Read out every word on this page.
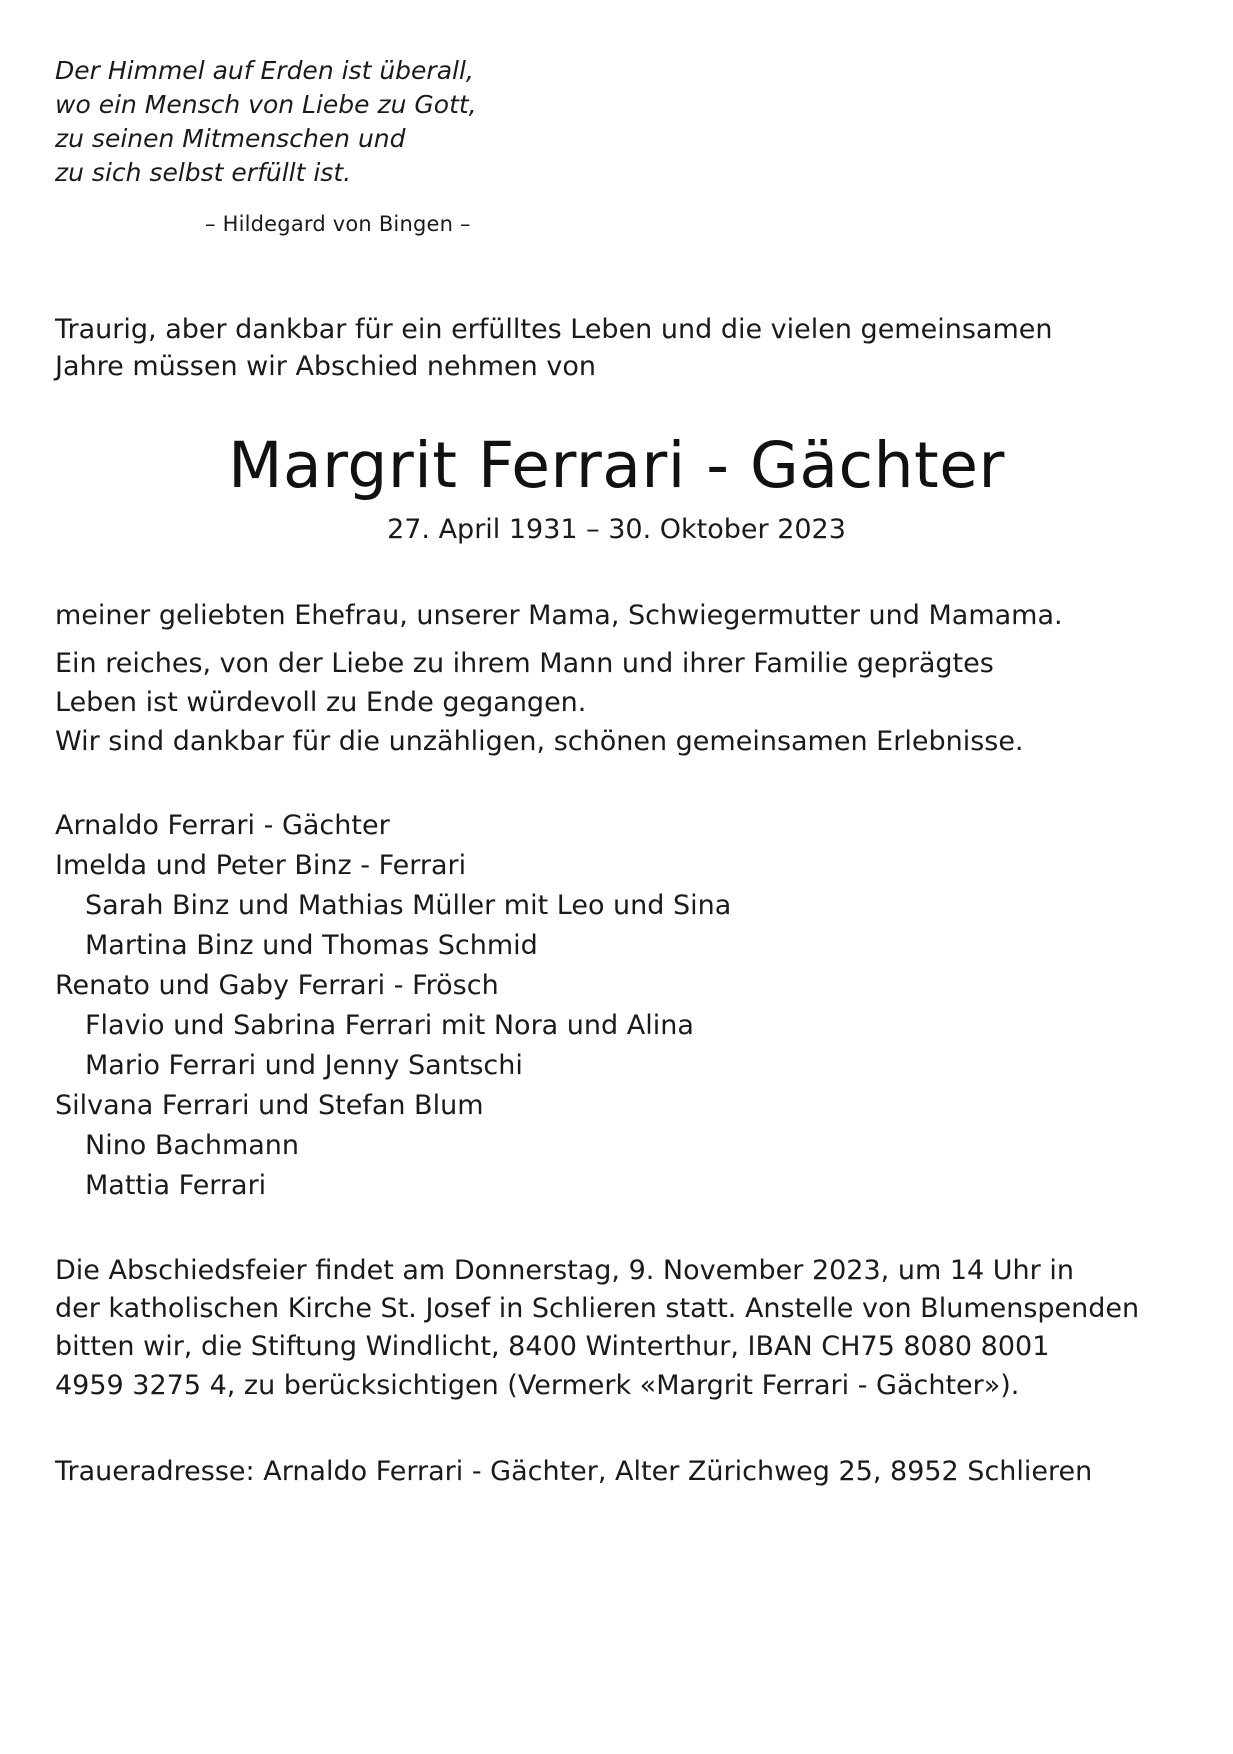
Der Himmel auf Erden ist überall,
wo ein Mensch von Liebe zu Gott,
zu seinen Mitmenschen und
zu sich selbst erfüllt ist.
– Hildegard von Bingen –
Traurig, aber dankbar für ein erfülltes Leben und die vielen gemeinsamen
Jahre müssen wir Abschied nehmen von
Margrit Ferrari - Gächter
27. April 1931 – 30. Oktober 2023
meiner geliebten Ehefrau, unserer Mama, Schwiegermutter und Mamama.
Ein reiches, von der Liebe zu ihrem Mann und ihrer Familie geprägtes
Leben ist würdevoll zu Ende gegangen.
Wir sind dankbar für die unzähligen, schönen gemeinsamen Erlebnisse.
Arnaldo Ferrari - Gächter
Imelda und Peter Binz - Ferrari
Sarah Binz und Mathias Müller mit Leo und Sina
Martina Binz und Thomas Schmid
Renato und Gaby Ferrari - Frösch
Flavio und Sabrina Ferrari mit Nora und Alina
Mario Ferrari und Jenny Santschi
Silvana Ferrari und Stefan Blum
Nino Bachmann
Mattia Ferrari
Die Abschiedsfeier findet am Donnerstag, 9. November 2023, um 14 Uhr in
der katholischen Kirche St. Josef in Schlieren statt. Anstelle von Blumenspenden
bitten wir, die Stiftung Windlicht, 8400 Winterthur, IBAN CH75 8080 8001
4959 3275 4, zu berücksichtigen (Vermerk «Margrit Ferrari - Gächter»).
Traueradresse: Arnaldo Ferrari - Gächter, Alter Zürichweg 25, 8952 Schlieren
